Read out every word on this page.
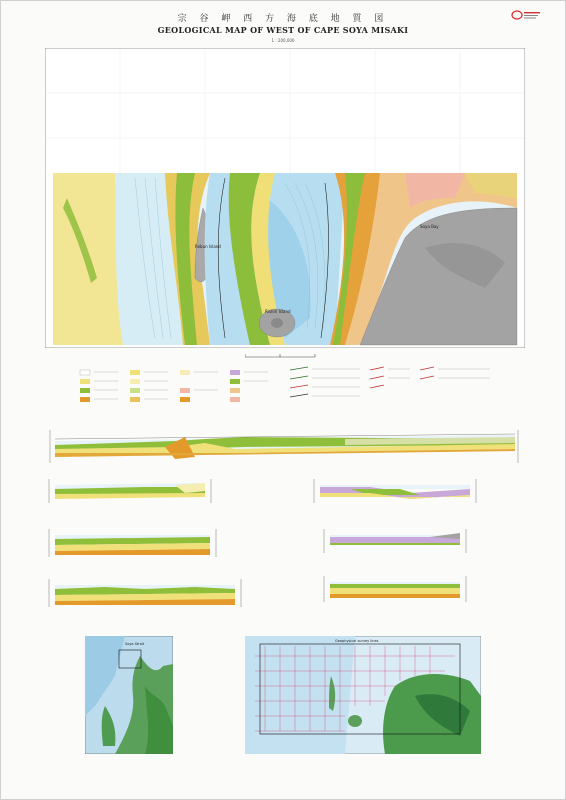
宗 谷 岬 西 方 海 底 地 質 図
GEOLOGICAL MAP OF WEST OF CAPE SOYA MISAKI
1 : 200,000
Rebun Island
Rishiri Island
Soya Bay
Soya Strait
Geophysical survey lines
